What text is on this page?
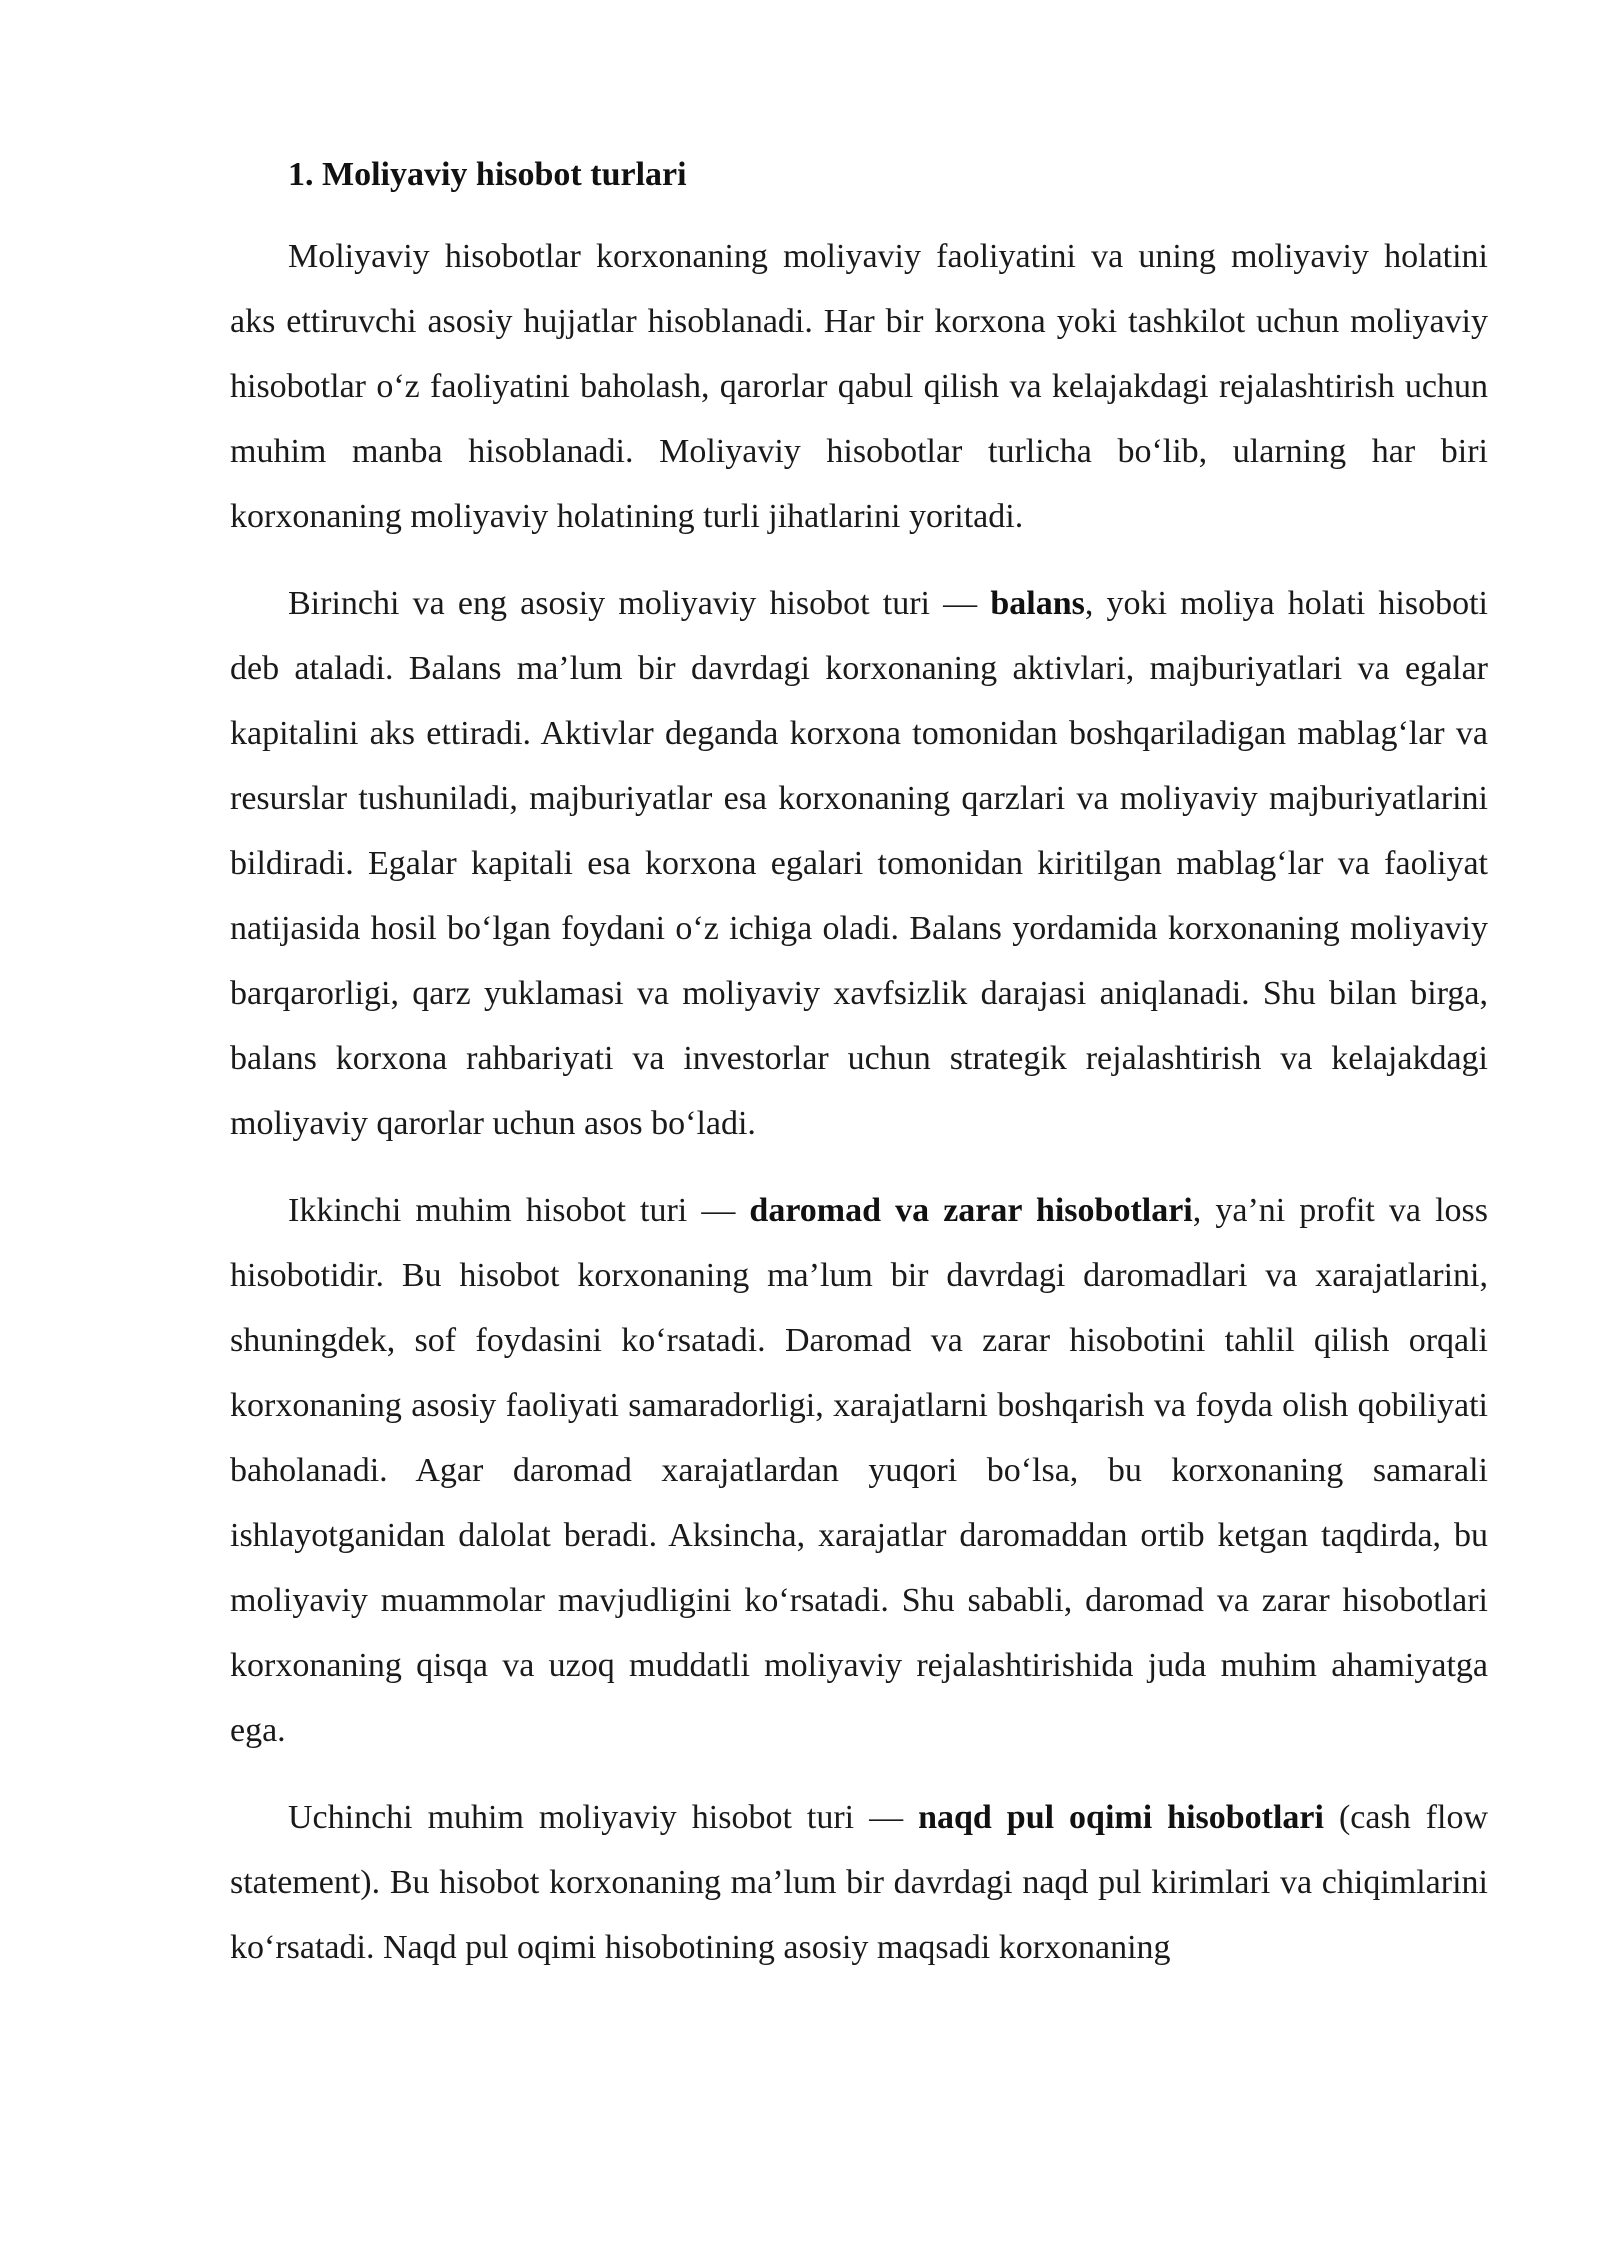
1. Moliyaviy hisobot turlari

Moliyaviy hisobotlar korxonaning moliyaviy faoliyatini va uning moliyaviy holatini aks ettiruvchi asosiy hujjatlar hisoblanadi. Har bir korxona yoki tashkilot uchun moliyaviy hisobotlar o‘z faoliyatini baholash, qarorlar qabul qilish va kelajakdagi rejalashtirish uchun muhim manba hisoblanadi. Moliyaviy hisobotlar turlicha bo‘lib, ularning har biri korxonaning moliyaviy holatining turli jihatlarini yoritadi.

Birinchi va eng asosiy moliyaviy hisobot turi — balans, yoki moliya holati hisoboti deb ataladi. Balans ma’lum bir davrdagi korxonaning aktivlari, majburiyatlari va egalar kapitalini aks ettiradi. Aktivlar deganda korxona tomonidan boshqariladigan mablag‘lar va resurslar tushuniladi, majburiyatlar esa korxonaning qarzlari va moliyaviy majburiyatlarini bildiradi. Egalar kapitali esa korxona egalari tomonidan kiritilgan mablag‘lar va faoliyat natijasida hosil bo‘lgan foydani o‘z ichiga oladi. Balans yordamida korxonaning moliyaviy barqarorligi, qarz yuklamasi va moliyaviy xavfsizlik darajasi aniqlanadi. Shu bilan birga, balans korxona rahbariyati va investorlar uchun strategik rejalashtirish va kelajakdagi moliyaviy qarorlar uchun asos bo‘ladi.

Ikkinchi muhim hisobot turi — daromad va zarar hisobotlari, ya’ni profit va loss hisobotidir. Bu hisobot korxonaning ma’lum bir davrdagi daromadlari va xarajatlarini, shuningdek, sof foydasini ko‘rsatadi. Daromad va zarar hisobotini tahlil qilish orqali korxonaning asosiy faoliyati samaradorligi, xarajatlarni boshqarish va foyda olish qobiliyati baholanadi. Agar daromad xarajatlardan yuqori bo‘lsa, bu korxonaning samarali ishlayotganidan dalolat beradi. Aksincha, xarajatlar daromaddan ortib ketgan taqdirda, bu moliyaviy muammolar mavjudligini ko‘rsatadi. Shu sababli, daromad va zarar hisobotlari korxonaning qisqa va uzoq muddatli moliyaviy rejalashtirishida juda muhim ahamiyatga ega.

Uchinchi muhim moliyaviy hisobot turi — naqd pul oqimi hisobotlari (cash flow statement). Bu hisobot korxonaning ma’lum bir davrdagi naqd pul kirimlari va chiqimlarini ko‘rsatadi. Naqd pul oqimi hisobotining asosiy maqsadi korxonaning
